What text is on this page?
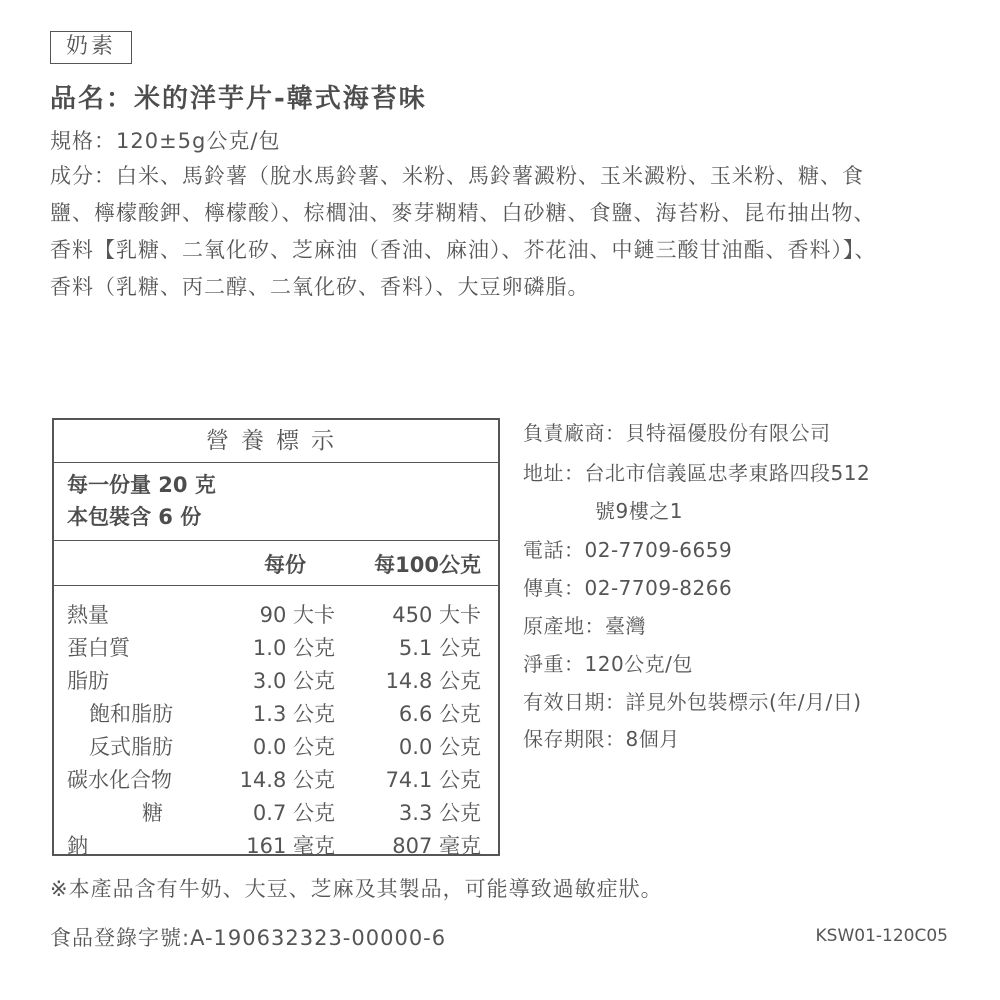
奶素
品名：米的洋芋片-韓式海苔味
規格：120±5g公克/包
成分：白米、馬鈴薯（脫水馬鈴薯、米粉、馬鈴薯澱粉、玉米澱粉、玉米粉、糖、食
鹽、檸檬酸鉀、檸檬酸）、棕櫚油、麥芽糊精、白砂糖、食鹽、海苔粉、昆布抽出物、
香料【乳糖、二氧化矽、芝麻油（香油、麻油）、芥花油、中鏈三酸甘油酯、香料）】、
香料（乳糖、丙二醇、二氧化矽、香料）、大豆卵磷脂。
營養標示
每一份量 20 克
本包裝含 6 份
每份	每100公克
熱量	90 大卡	450 大卡
蛋白質	1.0 公克	5.1 公克
脂肪	3.0 公克 14.8 公克
飽和脂肪	1.3 公克	6.6 公克
反式脂肪	0.0 公克	0.0 公克
碳水化合物	14.8 公克 74.1 公克
糖	0.7 公克	3.3 公克
鈉	161 毫克	807 毫克
負責廠商：貝特福優股份有限公司
地址：台北市信義區忠孝東路四段512
號9樓之1
電話：02-7709-6659
傳真：02-7709-8266
原產地：臺灣
淨重：120公克/包
有效日期：詳見外包裝標示(年/月/日)
保存期限：8個月
※本產品含有牛奶、大豆、芝麻及其製品，可能導致過敏症狀。
食品登錄字號:A-190632323-00000-6	KSW01-120C05
